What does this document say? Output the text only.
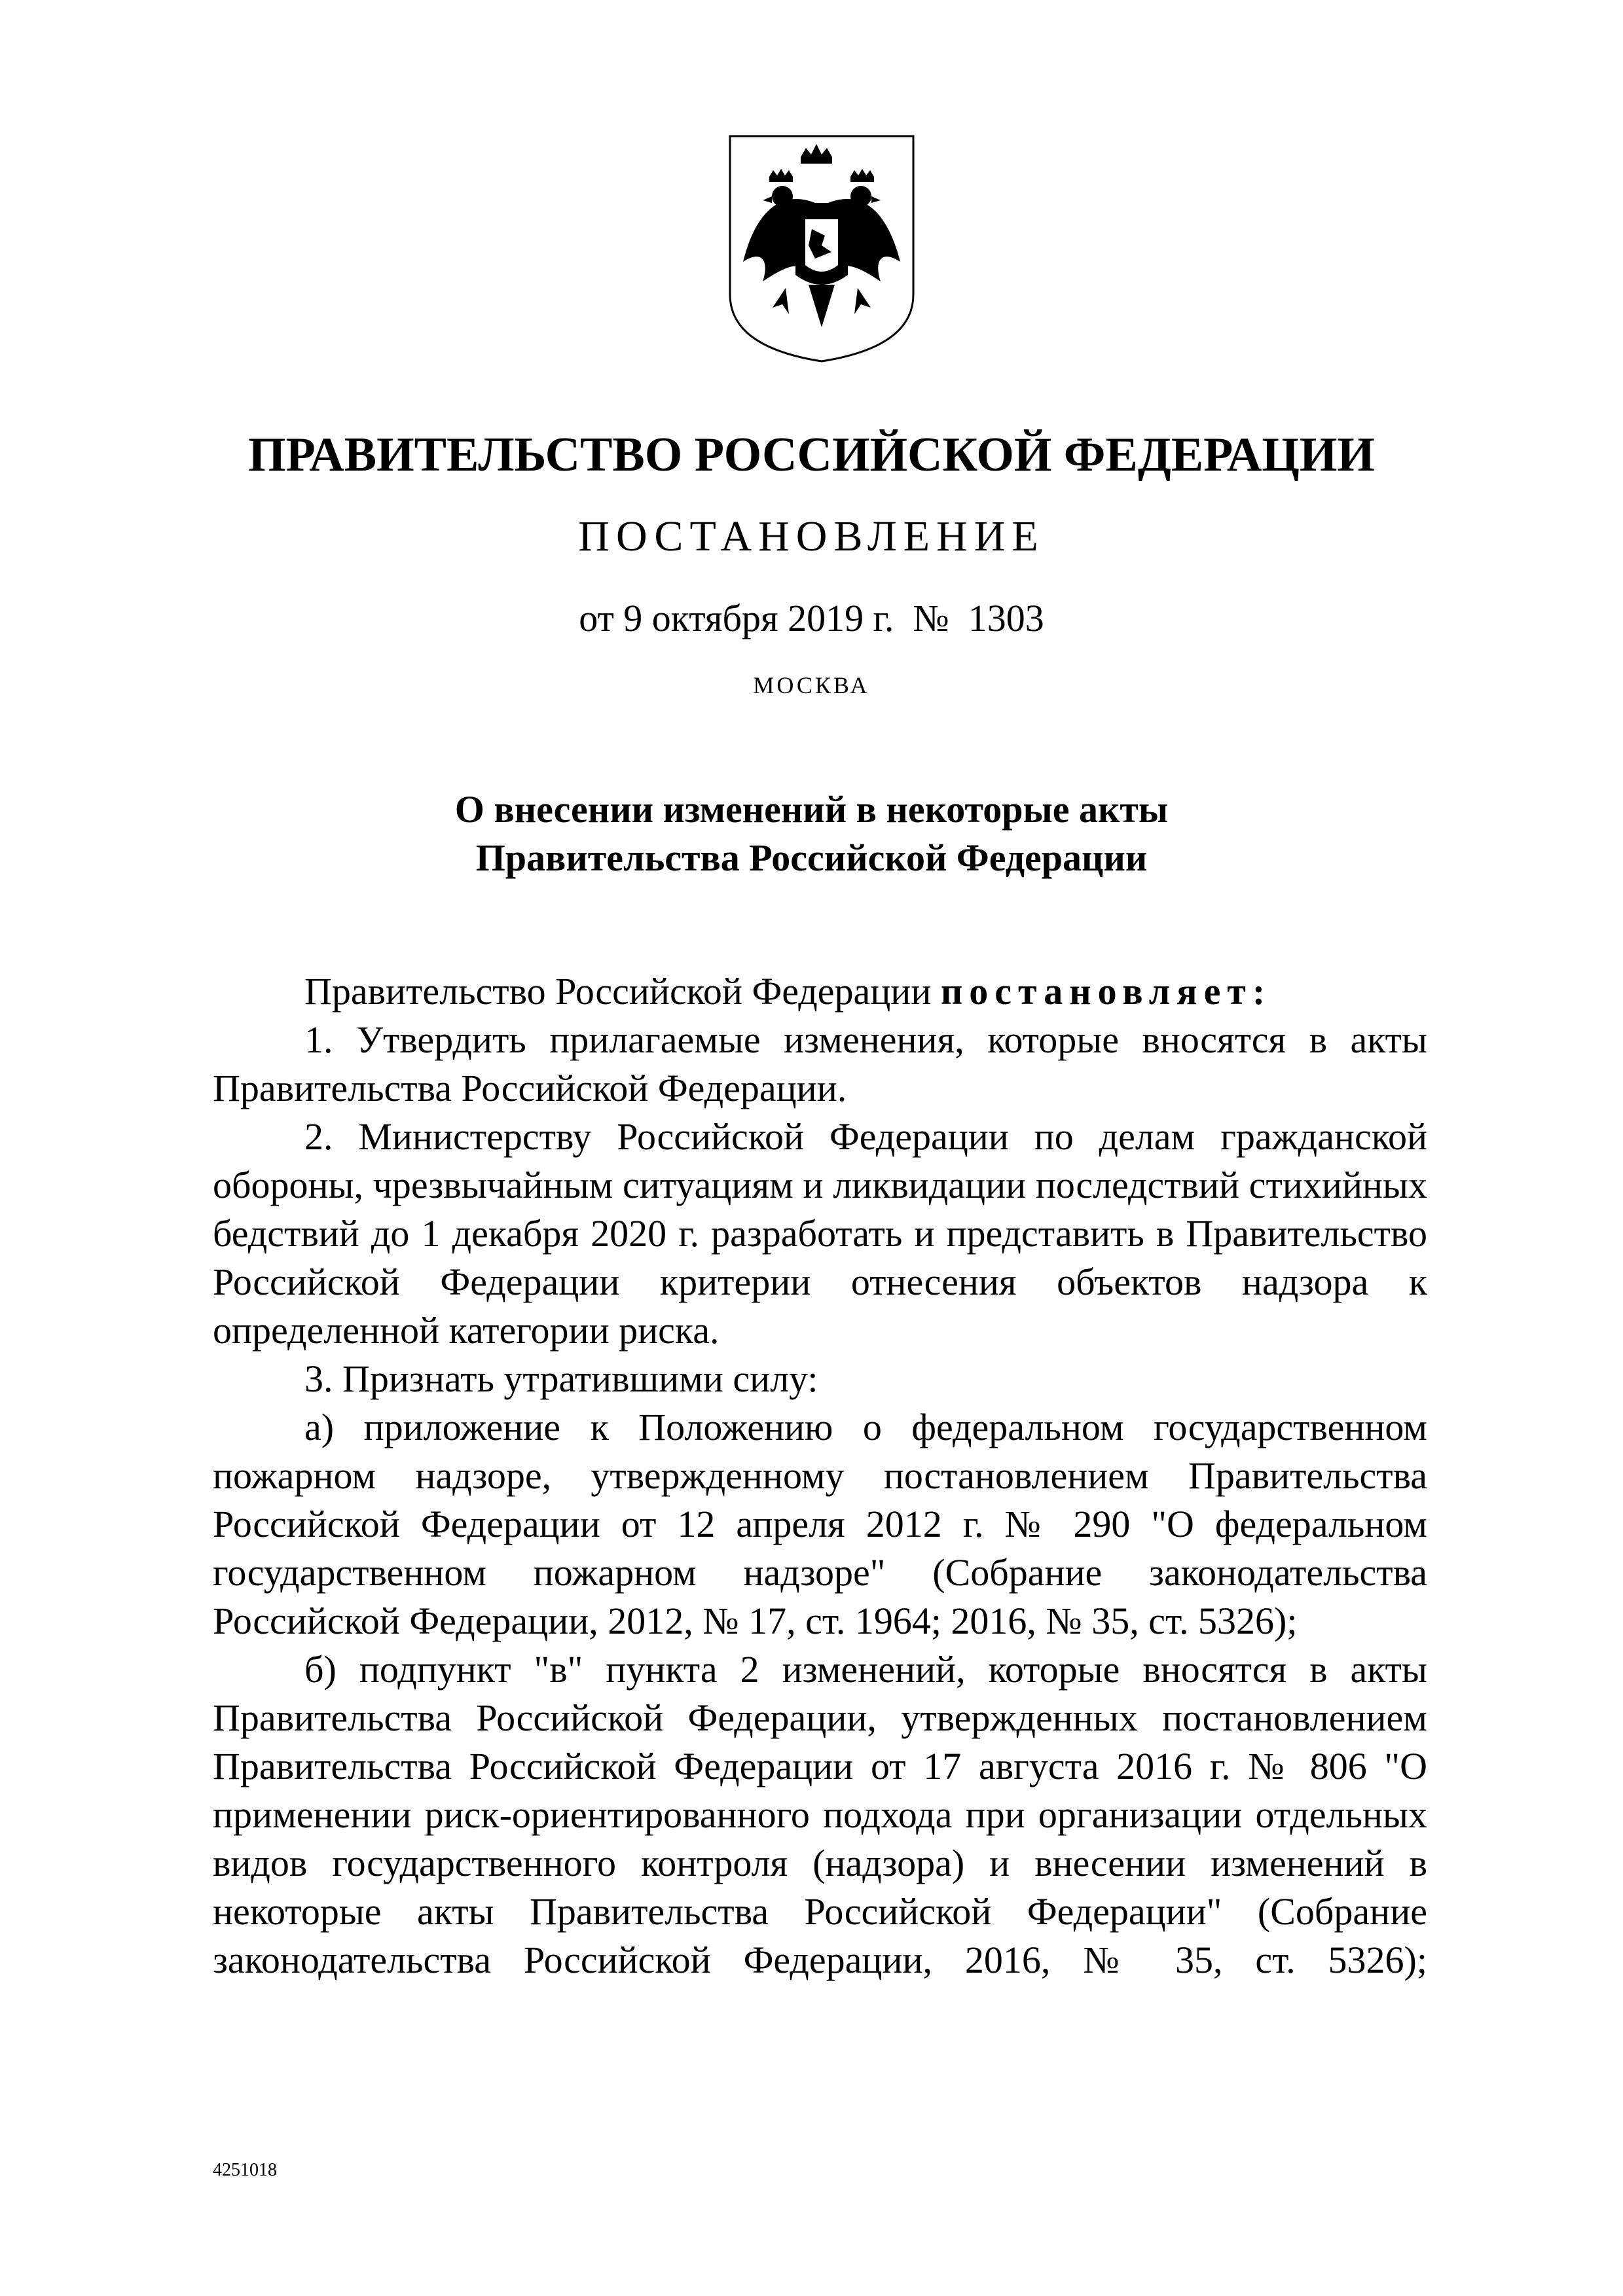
ПРАВИТЕЛЬСТВО РОССИЙСКОЙ ФЕДЕРАЦИИ
ПОСТАНОВЛЕНИЕ
от 9 октября 2019 г. № 1303
МОСКВА
О внесении изменений в некоторые акты
Правительства Российской Федерации

Правительство Российской Федерации постановляет:

1. Утвердить прилагаемые изменения, которые вносятся в акты Правительства Российской Федерации.

2. Министерству Российской Федерации по делам гражданской обороны, чрезвычайным ситуациям и ликвидации последствий стихийных бедствий до 1 декабря 2020 г. разработать и представить в Правительство Российской Федерации критерии отнесения объектов надзора к определенной категории риска.

3. Признать утратившими силу:

а) приложение к Положению о федеральном государственном пожарном надзоре, утвержденному постановлением Правительства Российской Федерации от 12 апреля 2012 г. № 290 "О федеральном государственном пожарном надзоре" (Собрание законодательства Российской Федерации, 2012, № 17, ст. 1964; 2016, № 35, ст. 5326);

б) подпункт "в" пункта 2 изменений, которые вносятся в акты Правительства Российской Федерации, утвержденных постановлением Правительства Российской Федерации от 17 августа 2016 г. № 806 "О применении риск-ориентированного подхода при организации отдельных видов государственного контроля (надзора) и внесении изменений в некоторые акты Правительства Российской Федерации" (Собрание законодательства Российской Федерации, 2016, № 35, ст. 5326);

4251018
